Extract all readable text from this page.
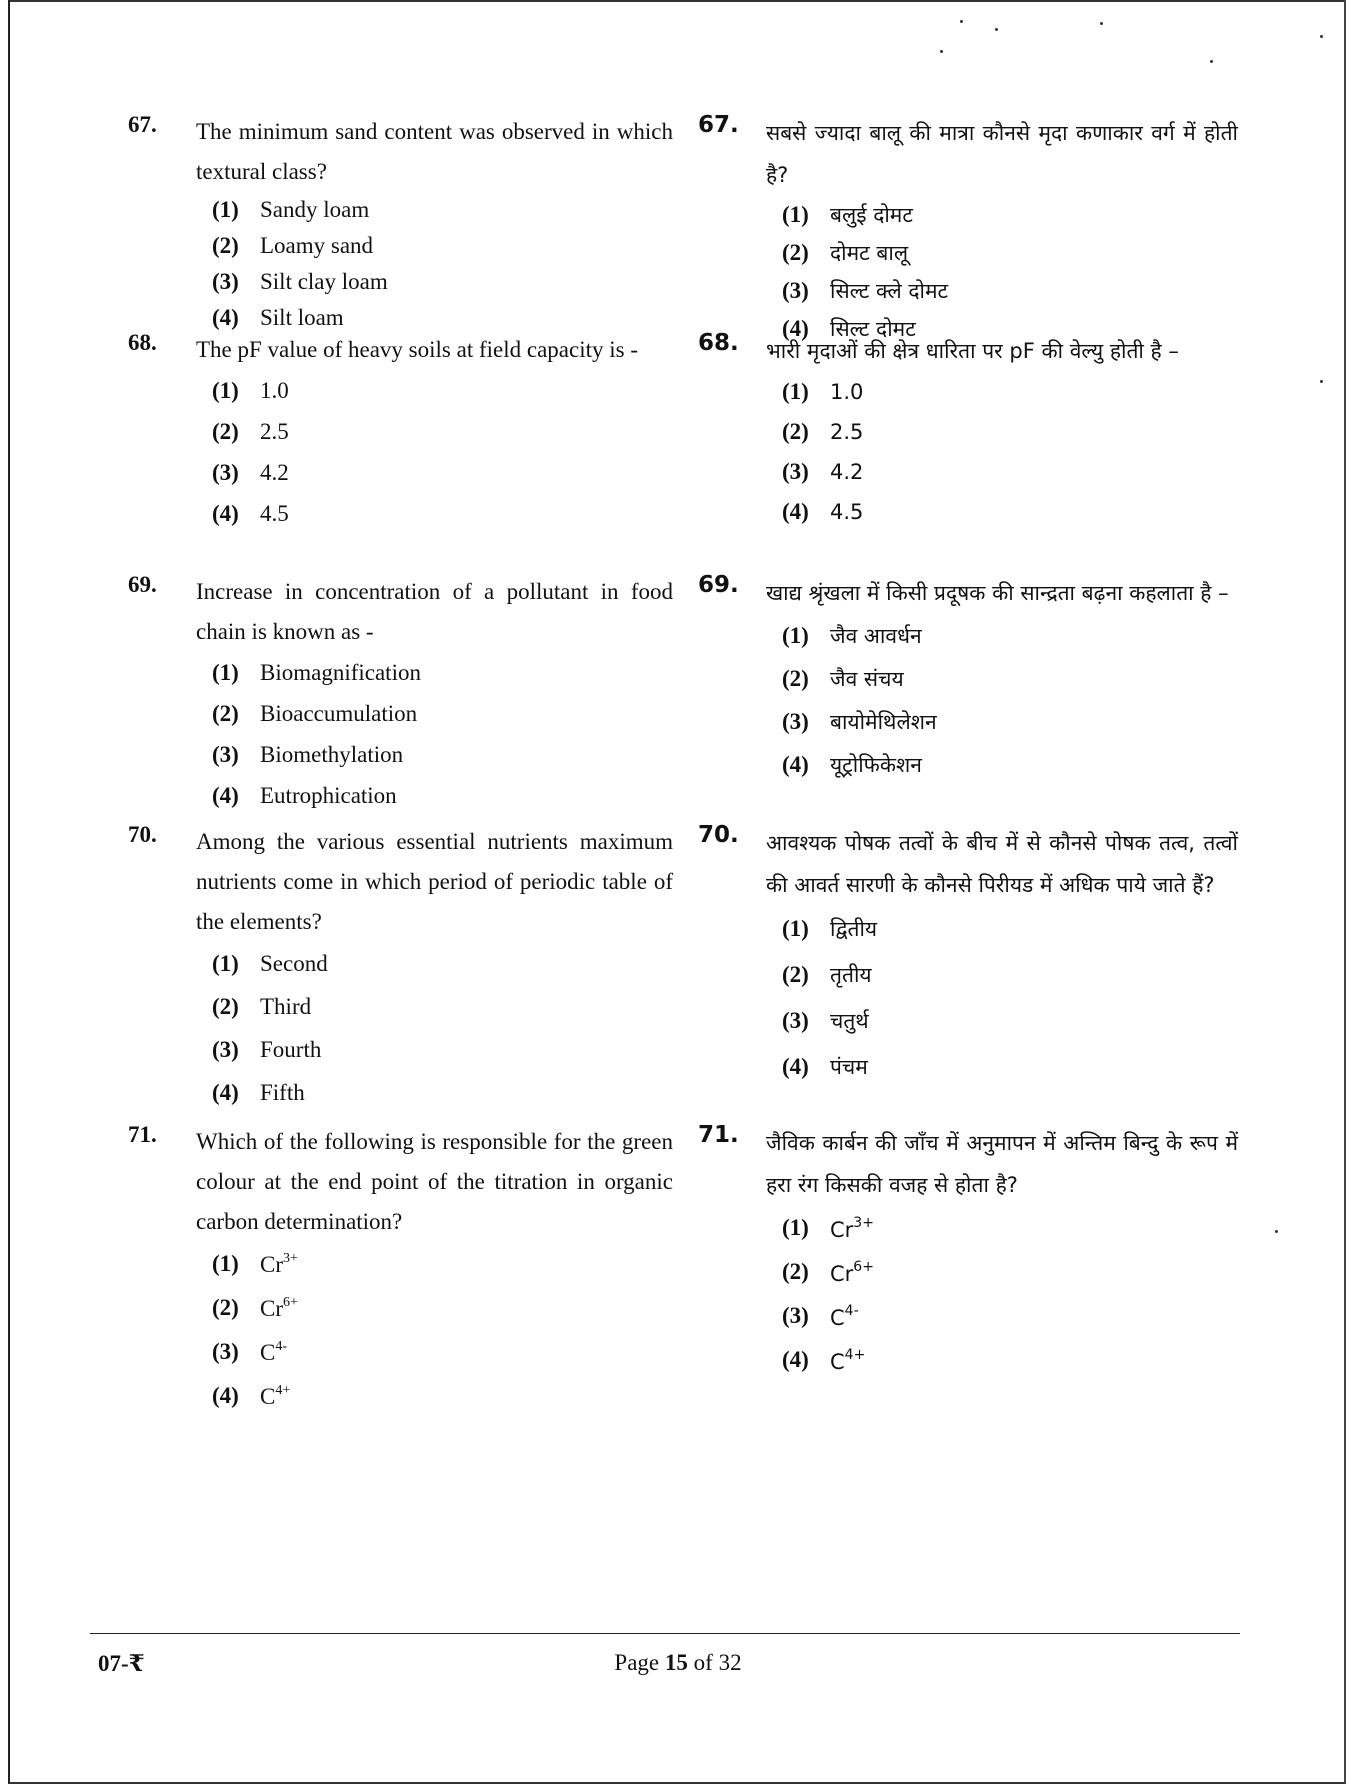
67. The minimum sand content was observed in which textural class?
(1) Sandy loam
(2) Loamy sand
(3) Silt clay loam
(4) Silt loam
68. The pF value of heavy soils at field capacity is -
(1) 1.0
(2) 2.5
(3) 4.2
(4) 4.5
69. Increase in concentration of a pollutant in food chain is known as -
(1) Biomagnification
(2) Bioaccumulation
(3) Biomethylation
(4) Eutrophication
70. Among the various essential nutrients maximum nutrients come in which period of periodic table of the elements?
(1) Second
(2) Third
(3) Fourth
(4) Fifth
71. Which of the following is responsible for the green colour at the end point of the titration in organic carbon determination?
(1) $Cr^{3+}$
(2) $Cr^{6+}$
(3) $C^{4-}$
(4) $C^{4+}$
67. सबसे ज्यादा बालू की मात्रा कौनसे मृदा कणाकार वर्ग में होती है?
(1)	बलुई दोमट
(2)	दोमट बालू
(3)	सिल्ट क्ले दोमट
(4)	सिल्ट दोमट
68. भारी मृदाओं की क्षेत्र धारिता पर pF की वेल्यु होती है –
(1)	1.0
(2)	2.5
(3)	4.2
(4)	4.5
69. खाद्य श्रृंखला में किसी प्रदूषक की सान्द्रता बढ़ना कहलाता है –
(1)	जैव आवर्धन
(2)	जैव संचय
(3)	बायोमेथिलेशन
(4)	यूट्रोफिकेशन
70. आवश्यक पोषक तत्वों के बीच में से कौनसे पोषक तत्व, तत्वों की आवर्त सारणी के कौनसे पिरीयड में अधिक पाये जाते हैं?
(1)	द्वितीय
(2)	तृतीय
(3)	चतुर्थ
(4)	पंचम
71. जैविक कार्बन की जाँच में अनुमापन में अन्तिम बिन्दु के रूप में हरा रंग किसकी वजह से होता है?
(1)	$Cr^{3+}$
(2)	$Cr^{6+}$
(3)	$C^{4-}$
(4)	$C^{4+}$
07-₹	Page 15 of 32
